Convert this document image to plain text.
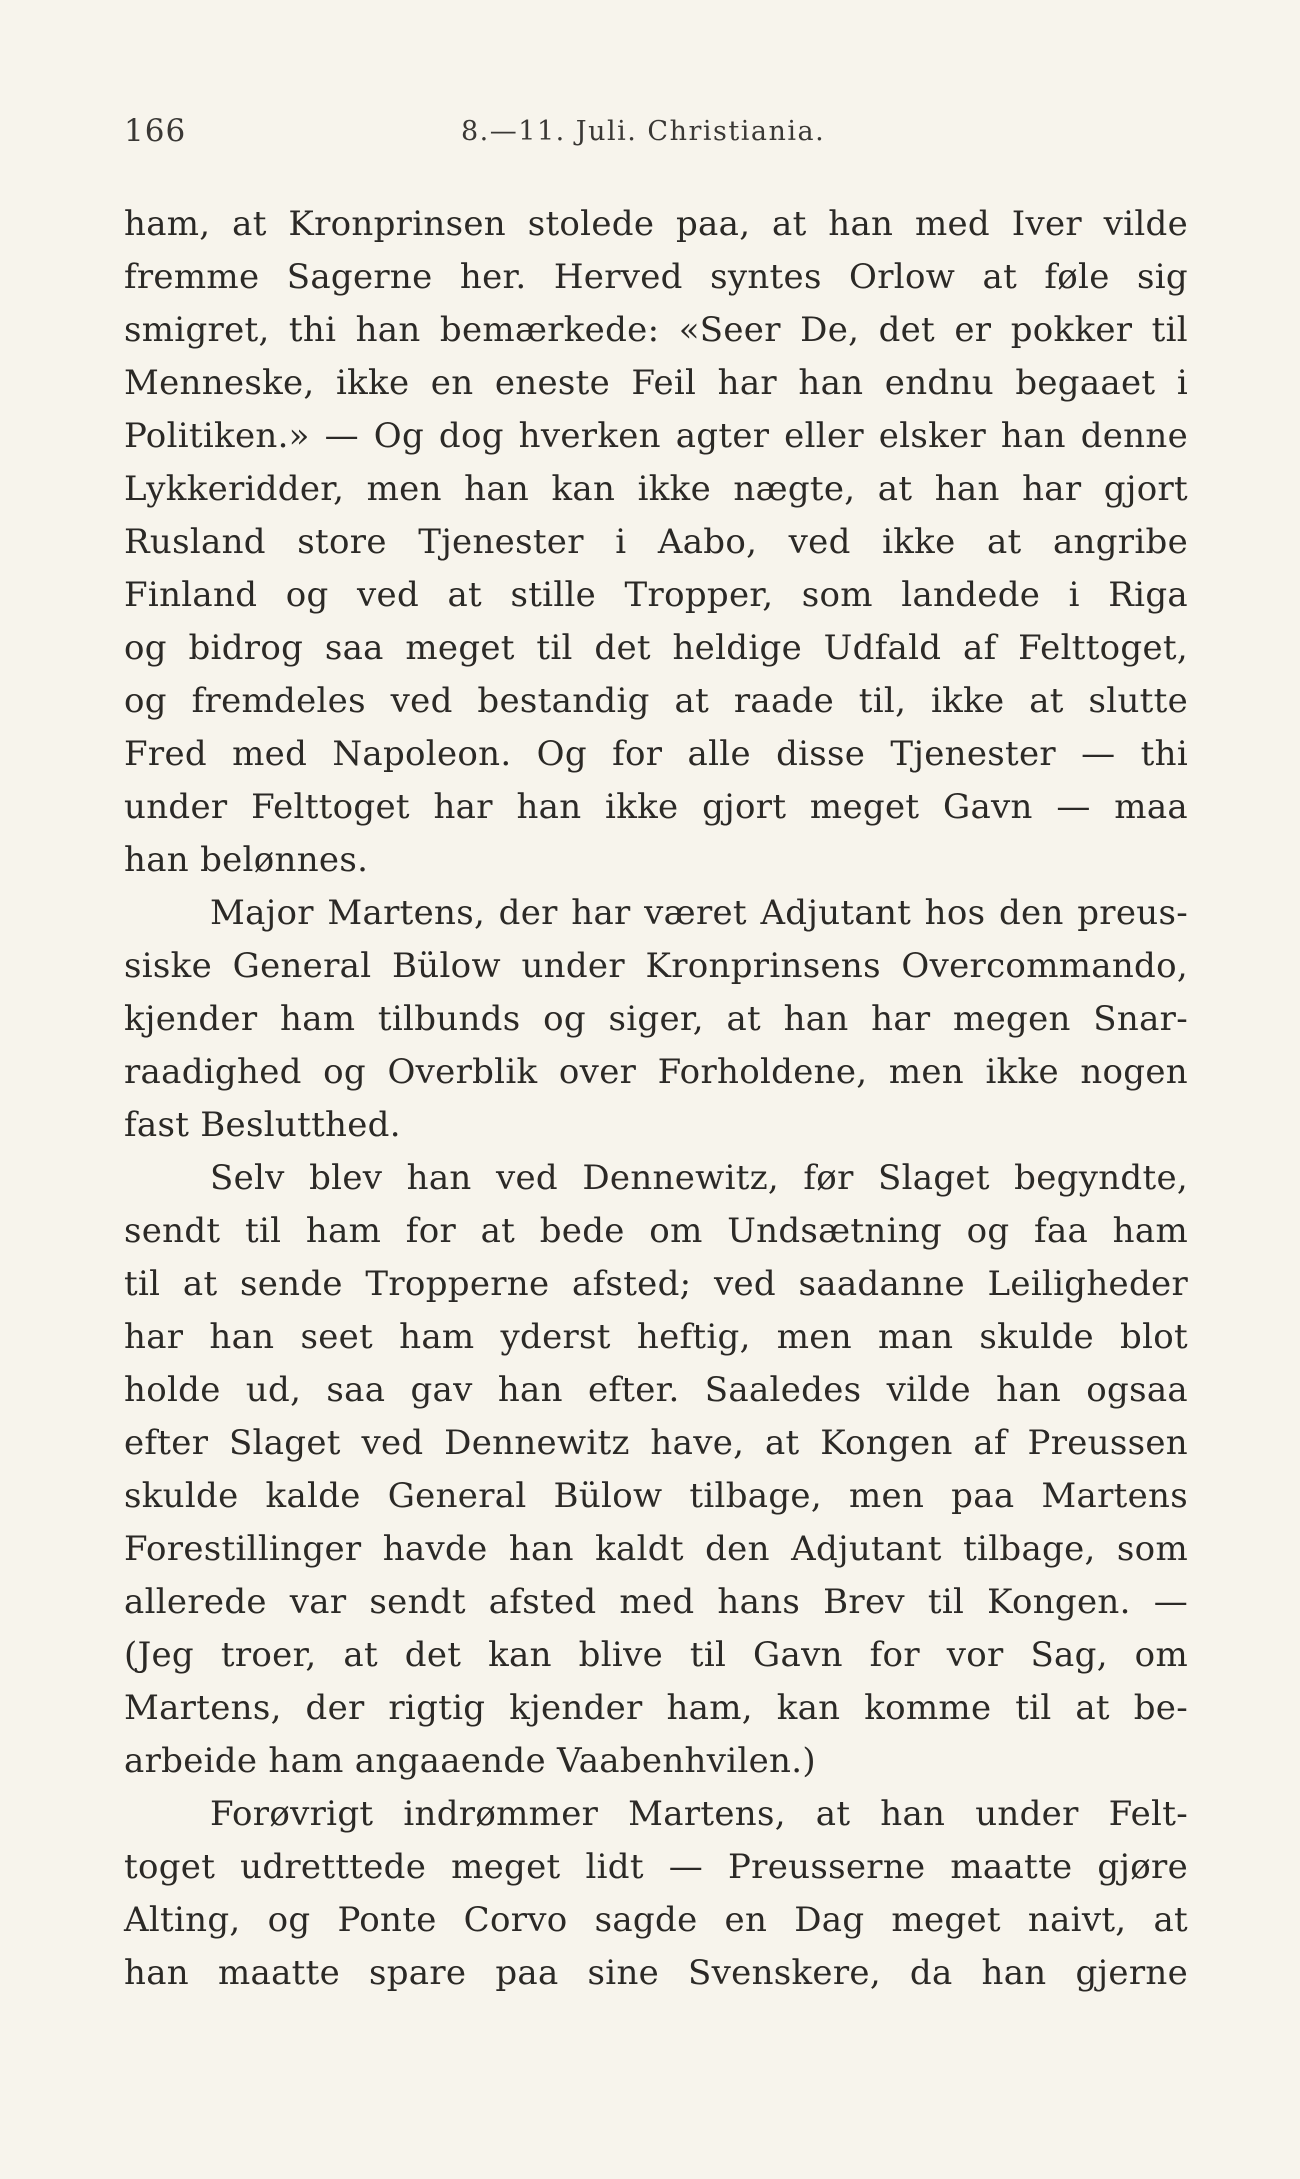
166	8.—11. Juli. Christiania.
ham, at Kronprinsen stolede paa, at han med Iver vilde
fremme Sagerne her. Herved syntes Orlow at føle sig
smigret, thi han bemærkede: «Seer De, det er pokker til
Menneske, ikke en eneste Feil har han endnu begaaet i
Politiken.» — Og dog hverken agter eller elsker han denne
Lykkeridder, men han kan ikke nægte, at han har gjort
Rusland store Tjenester i Aabo, ved ikke at angribe
Finland og ved at stille Tropper, som landede i Riga
og bidrog saa meget til det heldige Udfald af Felttoget,
og fremdeles ved bestandig at raade til, ikke at slutte
Fred med Napoleon. Og for alle disse Tjenester — thi
under Felttoget har han ikke gjort meget Gavn — maa
han belønnes.
Major Martens, der har været Adjutant hos den preus-
siske General Bülow under Kronprinsens Overcommando,
kjender ham tilbunds og siger, at han har megen Snar-
raadighed og Overblik over Forholdene, men ikke nogen
fast Beslutthed.
Selv blev han ved Dennewitz, før Slaget begyndte,
sendt til ham for at bede om Undsætning og faa ham
til at sende Tropperne afsted; ved saadanne Leiligheder
har han seet ham yderst heftig, men man skulde blot
holde ud, saa gav han efter. Saaledes vilde han ogsaa
efter Slaget ved Dennewitz have, at Kongen af Preussen
skulde kalde General Bülow tilbage, men paa Martens
Forestillinger havde han kaldt den Adjutant tilbage, som
allerede var sendt afsted med hans Brev til Kongen. —
(Jeg troer, at det kan blive til Gavn for vor Sag, om
Martens, der rigtig kjender ham, kan komme til at be-
arbeide ham angaaende Vaabenhvilen.)
Forøvrigt indrømmer Martens, at han under Felt-
toget udretttede meget lidt — Preusserne maatte gjøre
Alting, og Ponte Corvo sagde en Dag meget naivt, at
han maatte spare paa sine Svenskere, da han gjerne
